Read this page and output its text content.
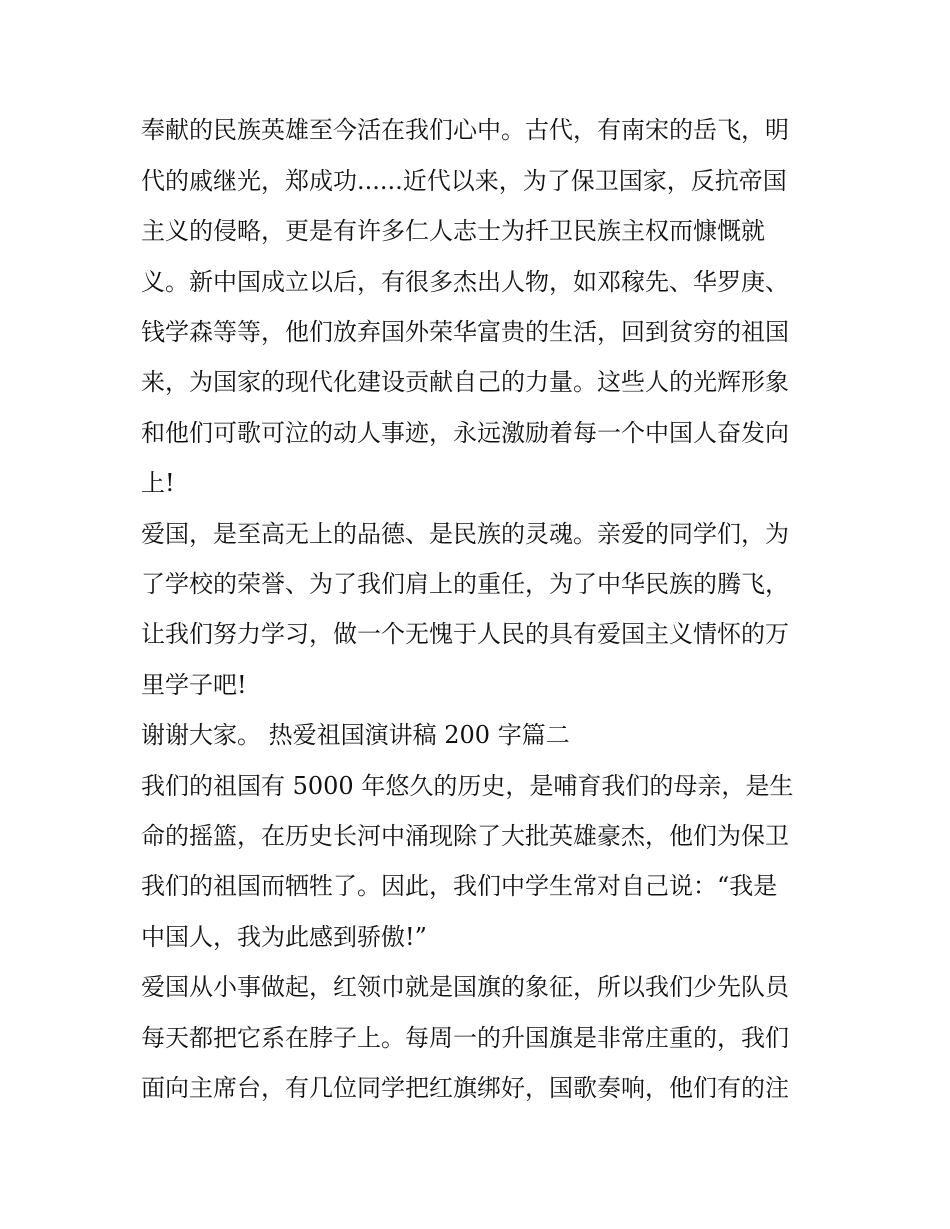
奉献的民族英雄至今活在我们心中。古代，有南宋的岳飞，明
代的戚继光，郑成功......近代以来，为了保卫国家，反抗帝国
主义的侵略，更是有许多仁人志士为扦卫民族主权而慷慨就
义。新中国成立以后，有很多杰出人物，如邓稼先、华罗庚、
钱学森等等，他们放弃国外荣华富贵的生活，回到贫穷的祖国
来，为国家的现代化建设贡献自己的力量。这些人的光辉形象
和他们可歌可泣的动人事迹，永远激励着每一个中国人奋发向
上!
爱国，是至高无上的品德、是民族的灵魂。亲爱的同学们，为
了学校的荣誉、为了我们肩上的重任，为了中华民族的腾飞，
让我们努力学习，做一个无愧于人民的具有爱国主义情怀的万
里学子吧!
谢谢大家。 热爱祖国演讲稿 200 字篇二
我们的祖国有 5000 年悠久的历史，是哺育我们的母亲，是生
命的摇篮，在历史长河中涌现除了大批英雄豪杰，他们为保卫
我们的祖国而牺牲了。因此，我们中学生常对自己说：“我是
中国人，我为此感到骄傲!”
爱国从小事做起，红领巾就是国旗的象征，所以我们少先队员
每天都把它系在脖子上。每周一的升国旗是非常庄重的，我们
面向主席台，有几位同学把红旗绑好，国歌奏响，他们有的注
